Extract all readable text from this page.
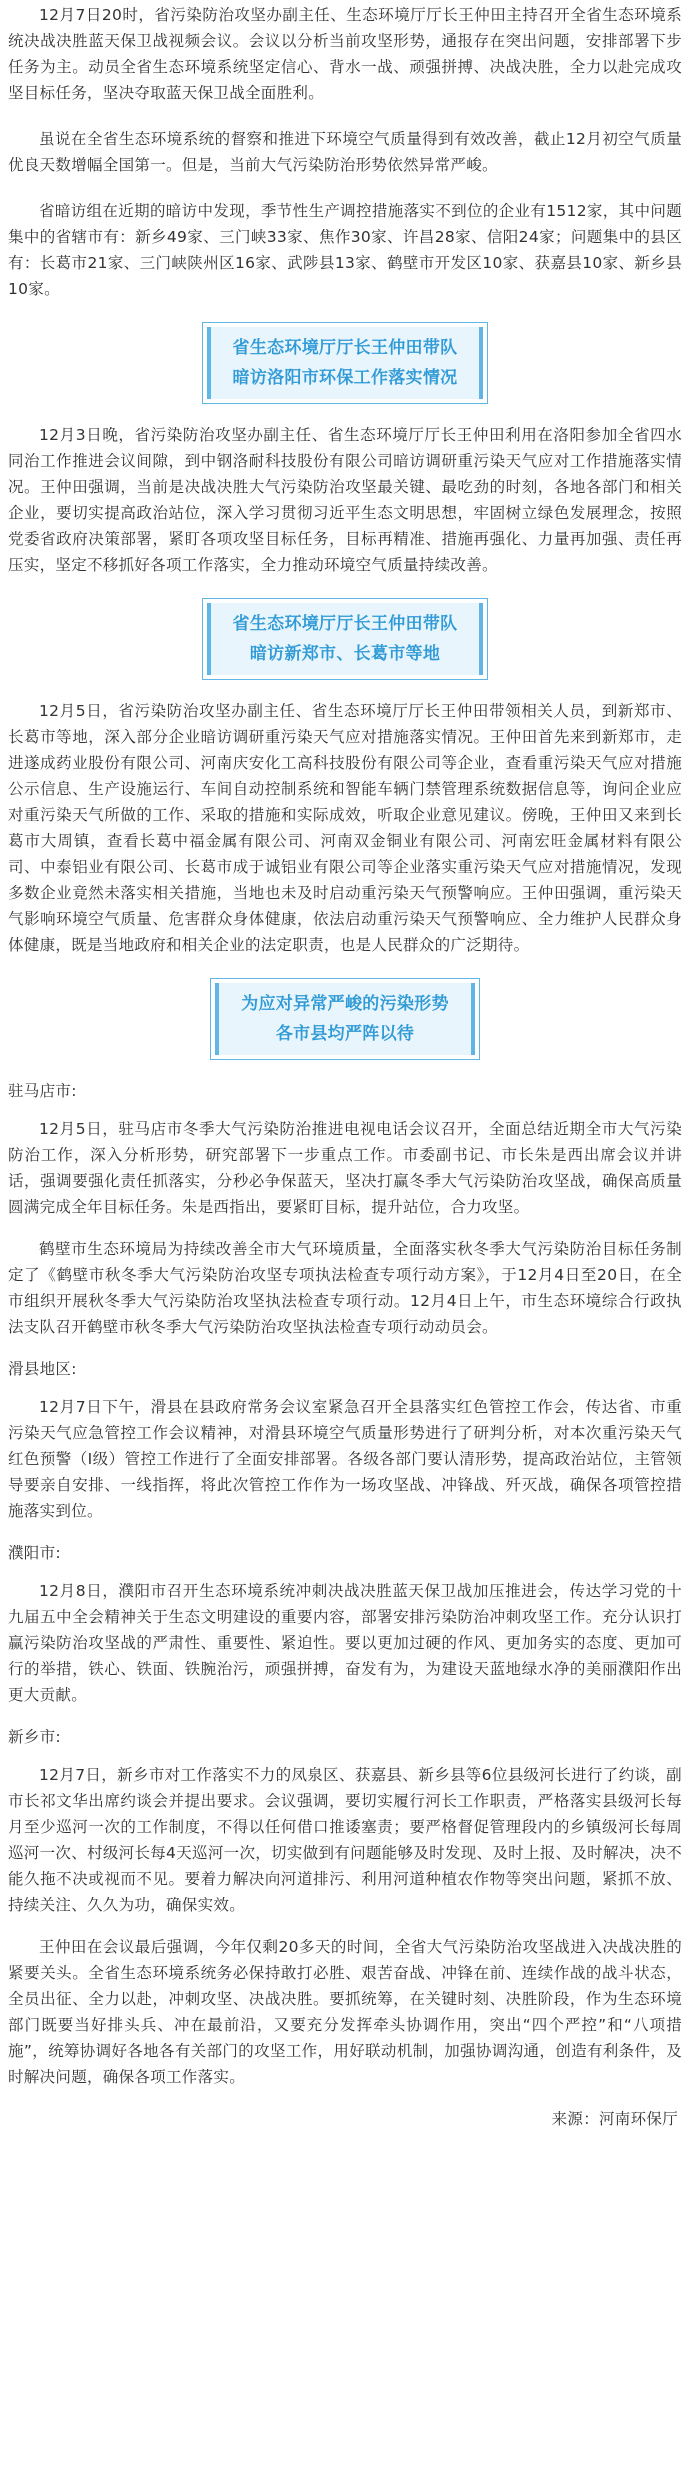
12月7日20时，省污染防治攻坚办副主任、生态环境厅厅长王仲田主持召开全省生态环境系统决战决胜蓝天保卫战视频会议。会议以分析当前攻坚形势，通报存在突出问题，安排部署下步任务为主。动员全省生态环境系统坚定信心、背水一战、顽强拼搏、决战决胜，全力以赴完成攻坚目标任务，坚决夺取蓝天保卫战全面胜利。

虽说在全省生态环境系统的督察和推进下环境空气质量得到有效改善，截止12月初空气质量优良天数增幅全国第一。但是，当前大气污染防治形势依然异常严峻。

省暗访组在近期的暗访中发现，季节性生产调控措施落实不到位的企业有1512家，其中问题集中的省辖市有：新乡49家、三门峡33家、焦作30家、许昌28家、信阳24家；问题集中的县区有：长葛市21家、三门峡陕州区16家、武陟县13家、鹤壁市开发区10家、获嘉县10家、新乡县10家。

省生态环境厅厅长王仲田带队
暗访洛阳市环保工作落实情况

12月3日晚，省污染防治攻坚办副主任、省生态环境厅厅长王仲田利用在洛阳参加全省四水同治工作推进会议间隙，到中钢洛耐科技股份有限公司暗访调研重污染天气应对工作措施落实情况。王仲田强调，当前是决战决胜大气污染防治攻坚最关键、最吃劲的时刻，各地各部门和相关企业，要切实提高政治站位，深入学习贯彻习近平生态文明思想，牢固树立绿色发展理念，按照党委省政府决策部署，紧盯各项攻坚目标任务，目标再精准、措施再强化、力量再加强、责任再压实，坚定不移抓好各项工作落实，全力推动环境空气质量持续改善。

省生态环境厅厅长王仲田带队
暗访新郑市、长葛市等地

12月5日，省污染防治攻坚办副主任、省生态环境厅厅长王仲田带领相关人员，到新郑市、长葛市等地，深入部分企业暗访调研重污染天气应对措施落实情况。王仲田首先来到新郑市，走进遂成药业股份有限公司、河南庆安化工高科技股份有限公司等企业，查看重污染天气应对措施公示信息、生产设施运行、车间自动控制系统和智能车辆门禁管理系统数据信息等，询问企业应对重污染天气所做的工作、采取的措施和实际成效，听取企业意见建议。傍晚，王仲田又来到长葛市大周镇，查看长葛中福金属有限公司、河南双金铜业有限公司、河南宏旺金属材料有限公司、中泰铝业有限公司、长葛市成于诚铝业有限公司等企业落实重污染天气应对措施情况，发现多数企业竟然未落实相关措施，当地也未及时启动重污染天气预警响应。王仲田强调，重污染天气影响环境空气质量、危害群众身体健康，依法启动重污染天气预警响应、全力维护人民群众身体健康，既是当地政府和相关企业的法定职责，也是人民群众的广泛期待。

为应对异常严峻的污染形势
各市县均严阵以待
驻马店市:

12月5日，驻马店市冬季大气污染防治推进电视电话会议召开，全面总结近期全市大气污染防治工作，深入分析形势，研究部署下一步重点工作。市委副书记、市长朱是西出席会议并讲话，强调要强化责任抓落实，分秒必争保蓝天，坚决打赢冬季大气污染防治攻坚战，确保高质量圆满完成全年目标任务。朱是西指出，要紧盯目标，提升站位，合力攻坚。

鹤壁市生态环境局为持续改善全市大气环境质量，全面落实秋冬季大气污染防治目标任务制定了《鹤壁市秋冬季大气污染防治攻坚专项执法检查专项行动方案》，于12月4日至20日，在全市组织开展秋冬季大气污染防治攻坚执法检查专项行动。12月4日上午，市生态环境综合行政执法支队召开鹤壁市秋冬季大气污染防治攻坚执法检查专项行动动员会。

滑县地区:

12月7日下午，滑县在县政府常务会议室紧急召开全县落实红色管控工作会，传达省、市重污染天气应急管控工作会议精神，对滑县环境空气质量形势进行了研判分析，对本次重污染天气红色预警（Ⅰ级）管控工作进行了全面安排部署。各级各部门要认清形势，提高政治站位，主管领导要亲自安排、一线指挥，将此次管控工作作为一场攻坚战、冲锋战、歼灭战，确保各项管控措施落实到位。

濮阳市:

12月8日，濮阳市召开生态环境系统冲刺决战决胜蓝天保卫战加压推进会，传达学习党的十九届五中全会精神关于生态文明建设的重要内容，部署安排污染防治冲刺攻坚工作。充分认识打赢污染防治攻坚战的严肃性、重要性、紧迫性。要以更加过硬的作风、更加务实的态度、更加可行的举措，铁心、铁面、铁腕治污，顽强拼搏，奋发有为，为建设天蓝地绿水净的美丽濮阳作出更大贡献。

新乡市:

12月7日，新乡市对工作落实不力的凤泉区、获嘉县、新乡县等6位县级河长进行了约谈，副市长祁文华出席约谈会并提出要求。会议强调，要切实履行河长工作职责，严格落实县级河长每月至少巡河一次的工作制度，不得以任何借口推诿塞责；要严格督促管理段内的乡镇级河长每周巡河一次、村级河长每4天巡河一次，切实做到有问题能够及时发现、及时上报、及时解决，决不能久拖不决或视而不见。要着力解决向河道排污、利用河道种植农作物等突出问题，紧抓不放、持续关注、久久为功，确保实效。

王仲田在会议最后强调，今年仅剩20多天的时间，全省大气污染防治攻坚战进入决战决胜的紧要关头。全省生态环境系统务必保持敢打必胜、艰苦奋战、冲锋在前、连续作战的战斗状态，全员出征、全力以赴，冲刺攻坚、决战决胜。要抓统筹，在关键时刻、决胜阶段，作为生态环境部门既要当好排头兵、冲在最前沿，又要充分发挥牵头协调作用，突出“四个严控”和“八项措施”，统筹协调好各地各有关部门的攻坚工作，用好联动机制，加强协调沟通，创造有利条件，及时解决问题，确保各项工作落实。

来源：河南环保厅
